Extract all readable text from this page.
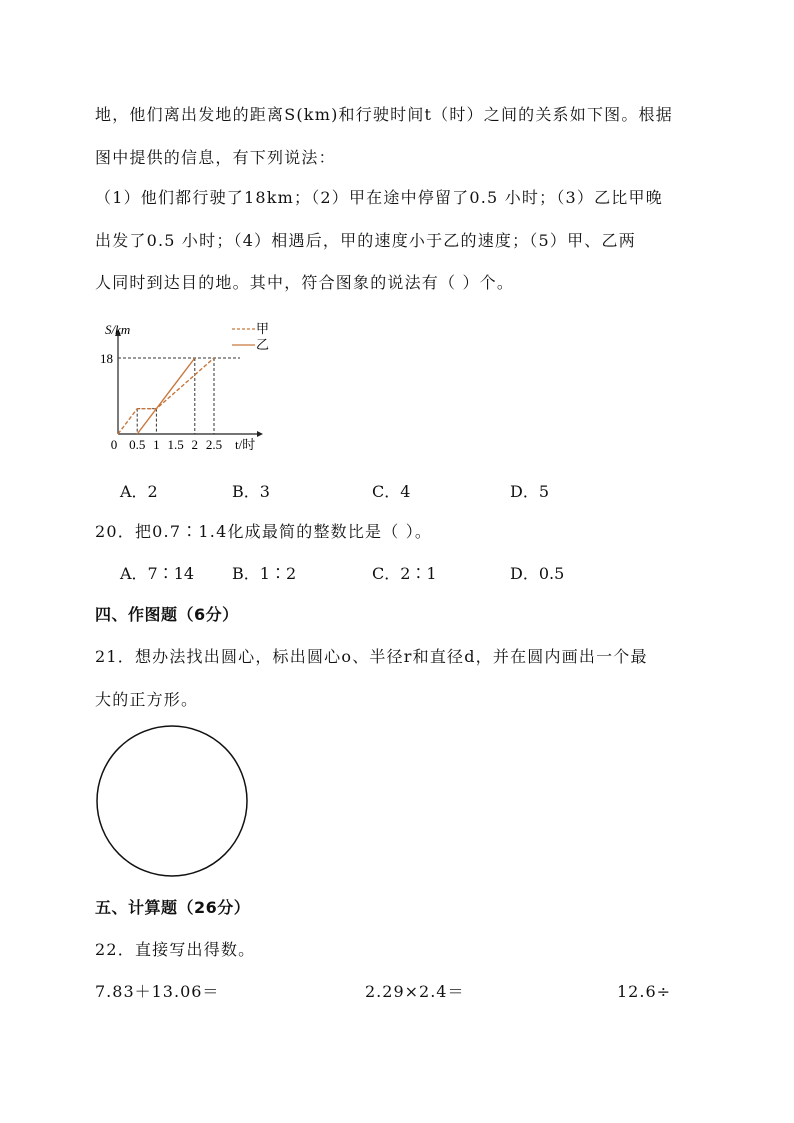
地，他们离出发地的距离S(km)和行驶时间t（时）之间的关系如下图。根据
图中提供的信息，有下列说法：
（1）他们都行驶了18km；（2）甲在途中停留了0.5 小时；（3）乙比甲晚
出发了0.5 小时；（4）相遇后，甲的速度小于乙的速度；（5）甲、乙两
人同时到达目的地。其中，符合图象的说法有（ ）个。
S/km
t/时
18
0 0.5 1 1.5 2 2.5
甲
乙
A．2	B．3	C．4	D．5
20．把0.7∶1.4化成最简的整数比是（ ）。
A．7∶14 B．1∶2	C．2∶1	D．0.5
四、作图题（6分）
21．想办法找出圆心，标出圆心o、半径r和直径d，并在圆内画出一个最
大的正方形。
五、计算题（26分）
22．直接写出得数。
7.83＋13.06＝	2.29×2.4＝	12.6÷
